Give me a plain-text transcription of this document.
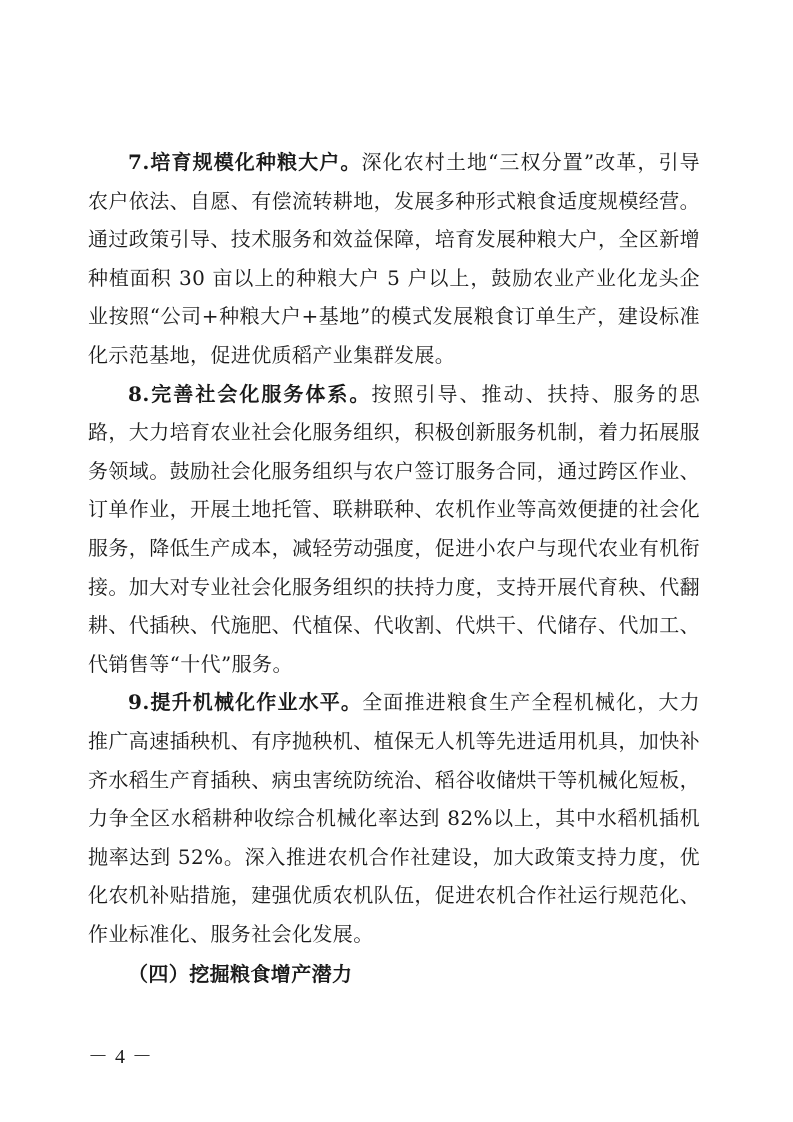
7.培育规模化种粮大户。深化农村土地“三权分置”改革，引导农户依法、自愿、有偿流转耕地，发展多种形式粮食适度规模经营。通过政策引导、技术服务和效益保障，培育发展种粮大户，全区新增种植面积 30 亩以上的种粮大户 5 户以上，鼓励农业产业化龙头企业按照“公司+种粮大户+基地”的模式发展粮食订单生产，建设标准化示范基地，促进优质稻产业集群发展。

8.完善社会化服务体系。按照引导、推动、扶持、服务的思路，大力培育农业社会化服务组织，积极创新服务机制，着力拓展服务领域。鼓励社会化服务组织与农户签订服务合同，通过跨区作业、订单作业，开展土地托管、联耕联种、农机作业等高效便捷的社会化服务，降低生产成本，减轻劳动强度，促进小农户与现代农业有机衔接。加大对专业社会化服务组织的扶持力度，支持开展代育秧、代翻耕、代插秧、代施肥、代植保、代收割、代烘干、代储存、代加工、代销售等“十代”服务。

9.提升机械化作业水平。全面推进粮食生产全程机械化，大力推广高速插秧机、有序抛秧机、植保无人机等先进适用机具，加快补齐水稻生产育插秧、病虫害统防统治、稻谷收储烘干等机械化短板，力争全区水稻耕种收综合机械化率达到 82%以上，其中水稻机插机抛率达到 52%。深入推进农机合作社建设，加大政策支持力度，优化农机补贴措施，建强优质农机队伍，促进农机合作社运行规范化、作业标准化、服务社会化发展。

（四）挖掘粮食增产潜力

－ 4 －
